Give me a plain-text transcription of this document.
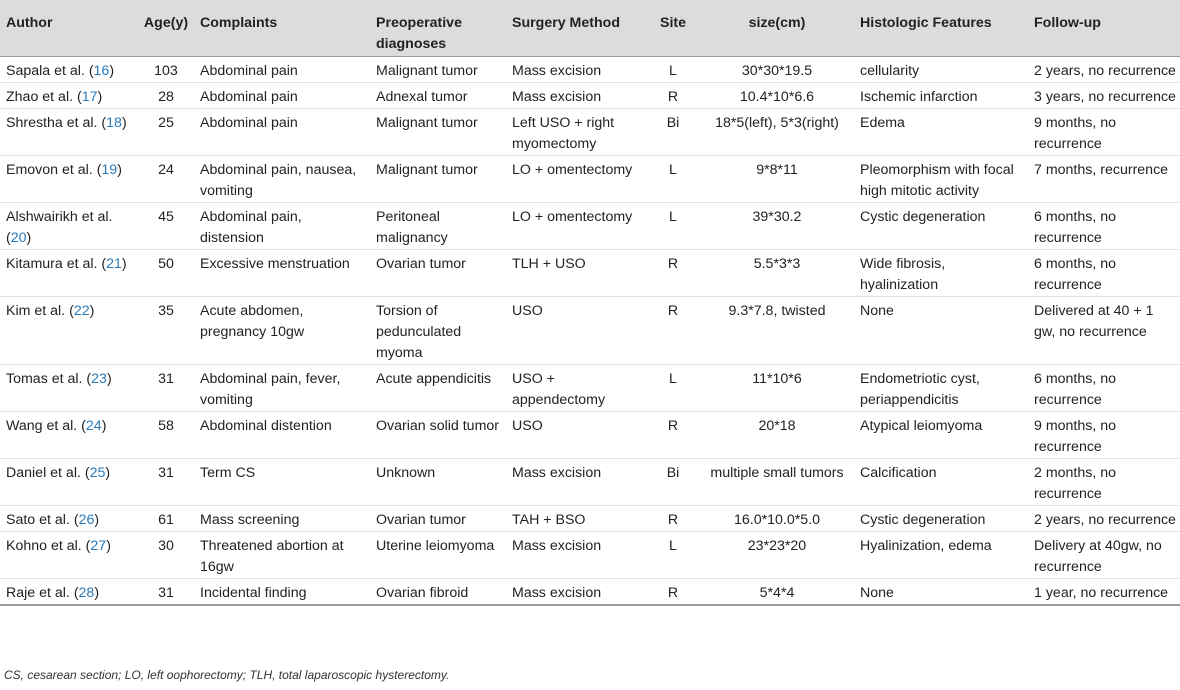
Author	Age(y)	Complaints	Preoperative diagnoses	Surgery Method	Site	size(cm)	Histologic Features	Follow-up
Sapala et al. (16)	103	Abdominal pain	Malignant tumor	Mass excision	L	30*30*19.5	cellularity	2 years, no recurrence
Zhao et al. (17)	28	Abdominal pain	Adnexal tumor	Mass excision	R	10.4*10*6.6	Ischemic infarction	3 years, no recurrence
Shrestha et al. (18)	25	Abdominal pain	Malignant tumor	Left USO + right myomectomy	Bi	18*5(left), 5*3(right)	Edema	9 months, no recurrence
Emovon et al. (19)	24	Abdominal pain, nausea, vomiting	Malignant tumor	LO + omentectomy	L	9*8*11	Pleomorphism with focal high mitotic activity	7 months, recurrence
Alshwairikh et al. (20)	45	Abdominal pain, distension	Peritoneal malignancy	LO + omentectomy	L	39*30.2	Cystic degeneration	6 months, no recurrence
Kitamura et al. (21)	50	Excessive menstruation	Ovarian tumor	TLH + USO	R	5.5*3*3	Wide fibrosis, hyalinization	6 months, no recurrence
Kim et al. (22)	35	Acute abdomen, pregnancy 10gw	Torsion of pedunculated myoma	USO	R	9.3*7.8, twisted	None	Delivered at 40 + 1 gw, no recurrence
Tomas et al. (23)	31	Abdominal pain, fever, vomiting	Acute appendicitis	USO + appendectomy	L	11*10*6	Endometriotic cyst, periappendicitis	6 months, no recurrence
Wang et al. (24)	58	Abdominal distention	Ovarian solid tumor	USO	R	20*18	Atypical leiomyoma	9 months, no recurrence
Daniel et al. (25)	31	Term CS	Unknown	Mass excision	Bi	multiple small tumors	Calcification	2 months, no recurrence
Sato et al. (26)	61	Mass screening	Ovarian tumor	TAH + BSO	R	16.0*10.0*5.0	Cystic degeneration	2 years, no recurrence
Kohno et al. (27)	30	Threatened abortion at 16gw	Uterine leiomyoma	Mass excision	L	23*23*20	Hyalinization, edema	Delivery at 40gw, no recurrence
Raje et al. (28)	31	Incidental finding	Ovarian fibroid	Mass excision	R	5*4*4	None	1 year, no recurrence
CS, cesarean section; LO, left oophorectomy; TLH, total laparoscopic hysterectomy.
